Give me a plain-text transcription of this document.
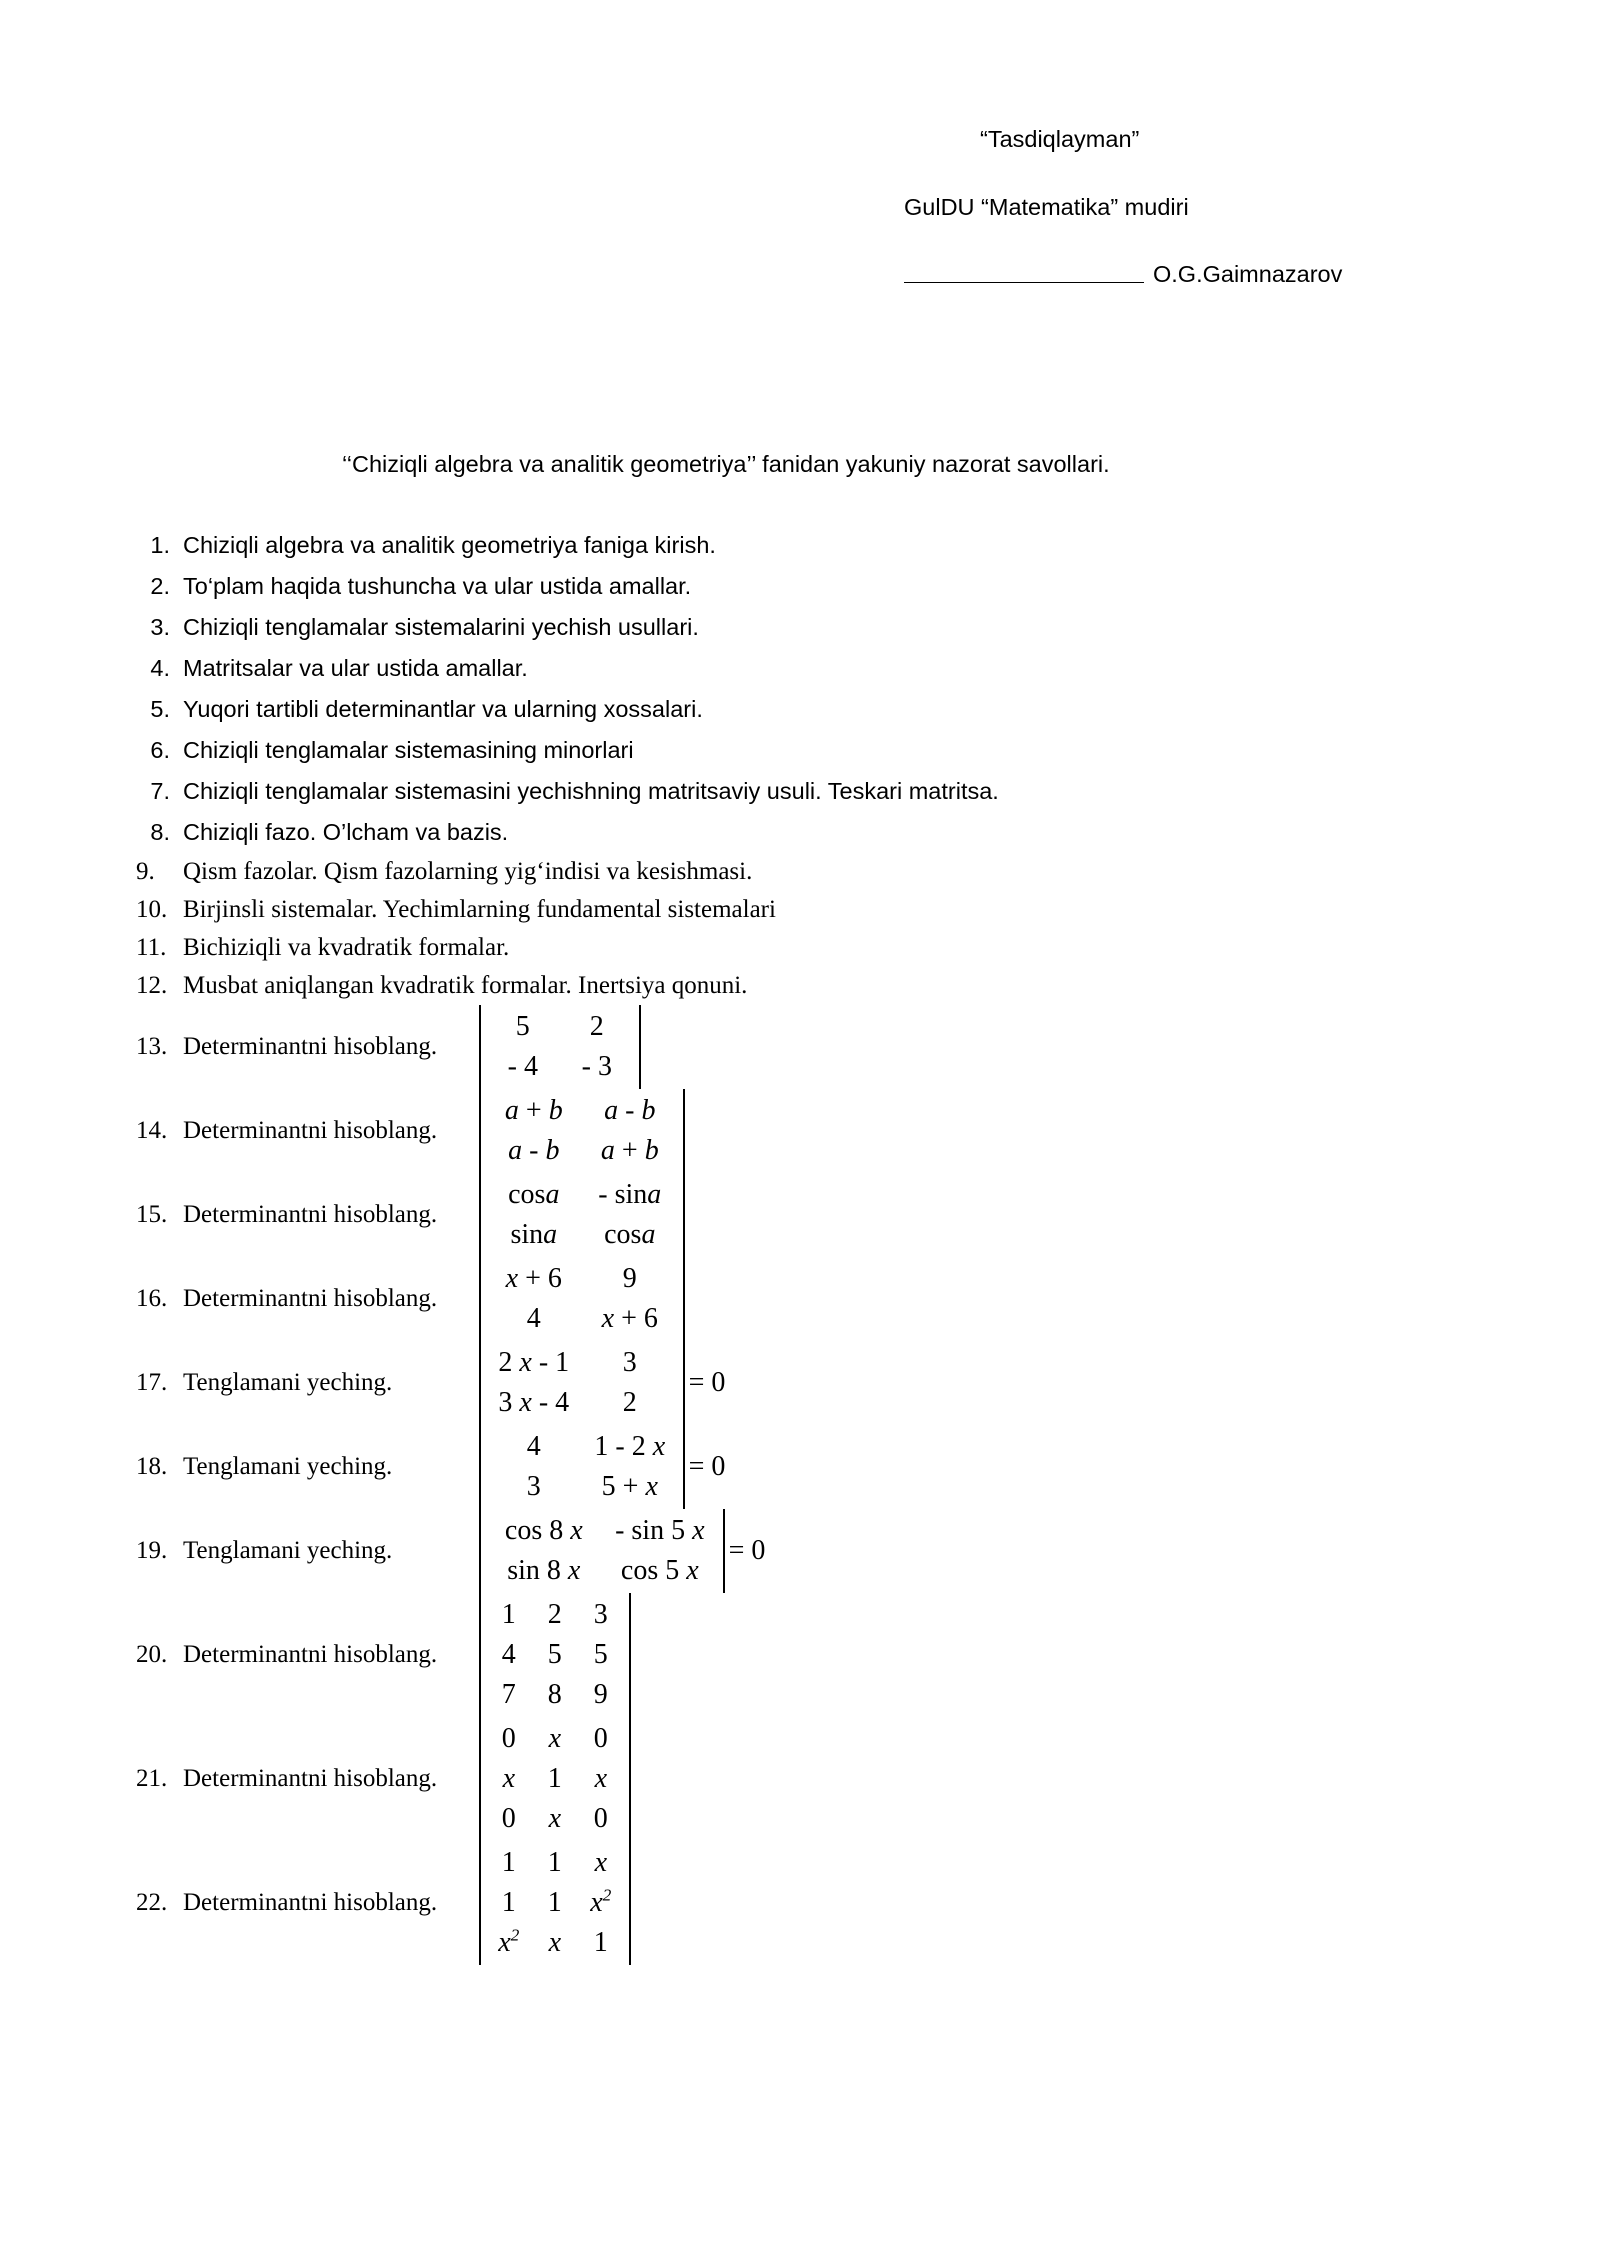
“Tasdiqlayman”
GulDU “Matematika” mudiri
O.G.Gaimnazarov
‘‘Chiziqli algebra va analitik geometriya’’ fanidan yakuniy nazorat savollari.
1. Chiziqli algebra va analitik geometriya faniga kirish.
2. To‘plam haqida tushuncha va ular ustida amallar.
3. Chiziqli tenglamalar sistemalarini yechish usullari.
4. Matritsalar va ular ustida amallar.
5. Yuqori tartibli determinantlar va ularning xossalari.
6. Chiziqli tenglamalar sistemasining minorlari
7. Chiziqli tenglamalar sistemasini yechishning matritsaviy usuli. Teskari matritsa.
8. Chiziqli fazo. O’lcham va bazis.
9.	Qism fazolar. Qism fazolarning yig‘indisi va kesishmasi.
10. Birjinsli sistemalar. Yechimlarning fundamental sistemalari
11. Bichiziqli va kvadratik formalar.
12. Musbat aniqlangan kvadratik formalar. Inertsiya qonuni.
13. Determinantni hisoblang.
5	2
- 4	- 3
14. Determinantni hisoblang.
a + b	a - b
a - b	a + b
15. Determinantni hisoblang.
cosa	- sina
sina	cosa
16. Determinantni hisoblang.
x + 6	9
4	x + 6
17. Tenglamani yeching.
2 x - 1	3
3 x - 4	2
= 0
18. Tenglamani yeching.
4	1 - 2 x
3	5 + x
= 0
19. Tenglamani yeching.
cos 8 x	- sin 5 x
sin 8 x	cos 5 x
= 0
20. Determinantni hisoblang.
1	2	3
4	5	5
7	8	9
21. Determinantni hisoblang.
0	x	0
x	1	x
0	x	0
22. Determinantni hisoblang.
1	1	x
1	1	$x^2$
$x^2$	x	1
